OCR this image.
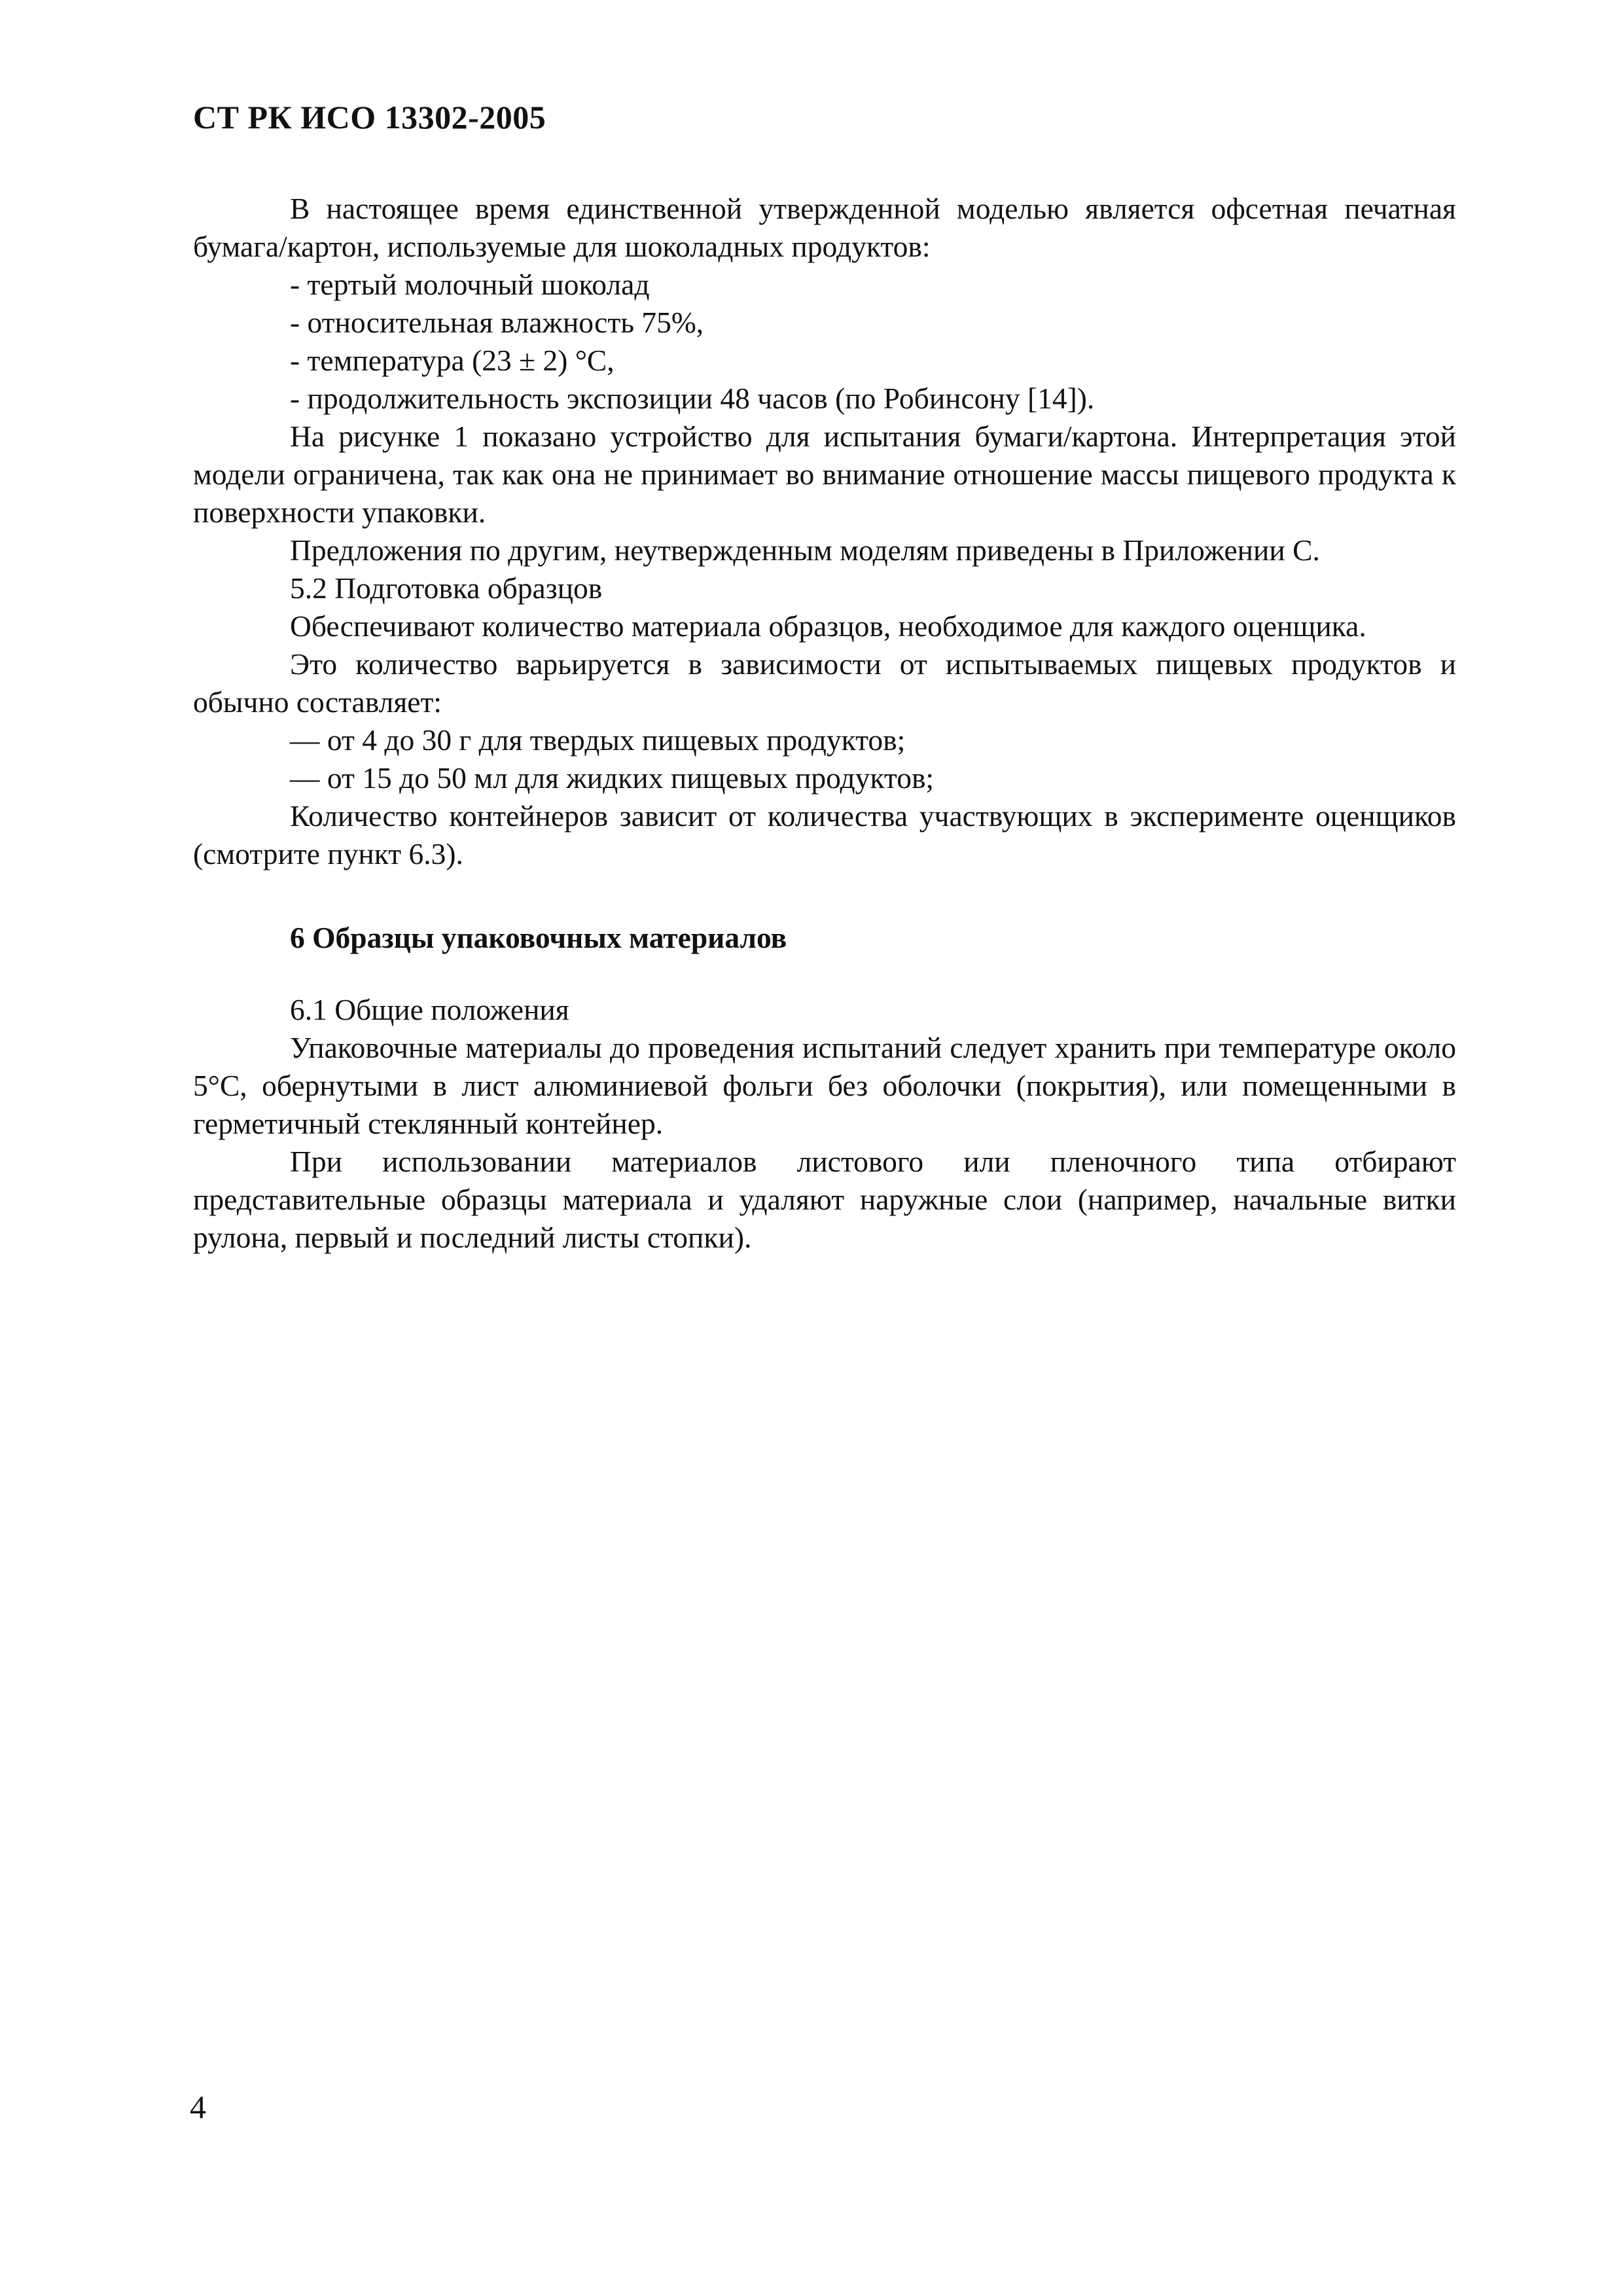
СТ РК ИСО 13302-2005

В настоящее время единственной утвержденной моделью является офсетная печатная бумага/картон, используемые для шоколадных продуктов:

- тертый молочный шоколад

- относительная влажность 75%,

- температура (23 ± 2) °С,

- продолжительность экспозиции 48 часов (по Робинсону [14]).

На рисунке 1 показано устройство для испытания бумаги/картона. Интерпретация этой модели ограничена, так как она не принимает во внимание отношение массы пищевого продукта к поверхности упаковки.

Предложения по другим, неутвержденным моделям приведены в Приложении С.

5.2 Подготовка образцов

Обеспечивают количество материала образцов, необходимое для каждого оценщика.

Это количество варьируется в зависимости от испытываемых пищевых продуктов и обычно составляет:

— от 4 до 30 г для твердых пищевых продуктов;

— от 15 до 50 мл для жидких пищевых продуктов;

Количество контейнеров зависит от количества участвующих в эксперименте оценщиков (смотрите пункт 6.3).

6 Образцы упаковочных материалов

6.1 Общие положения

Упаковочные материалы до проведения испытаний следует хранить при температуре около 5°С, обернутыми в лист алюминиевой фольги без оболочки (покрытия), или помещенными в герметичный стеклянный контейнер.

При использовании материалов листового или пленочного типа отбирают представительные образцы материала и удаляют наружные слои (например, начальные витки рулона, первый и последний листы стопки).

4
